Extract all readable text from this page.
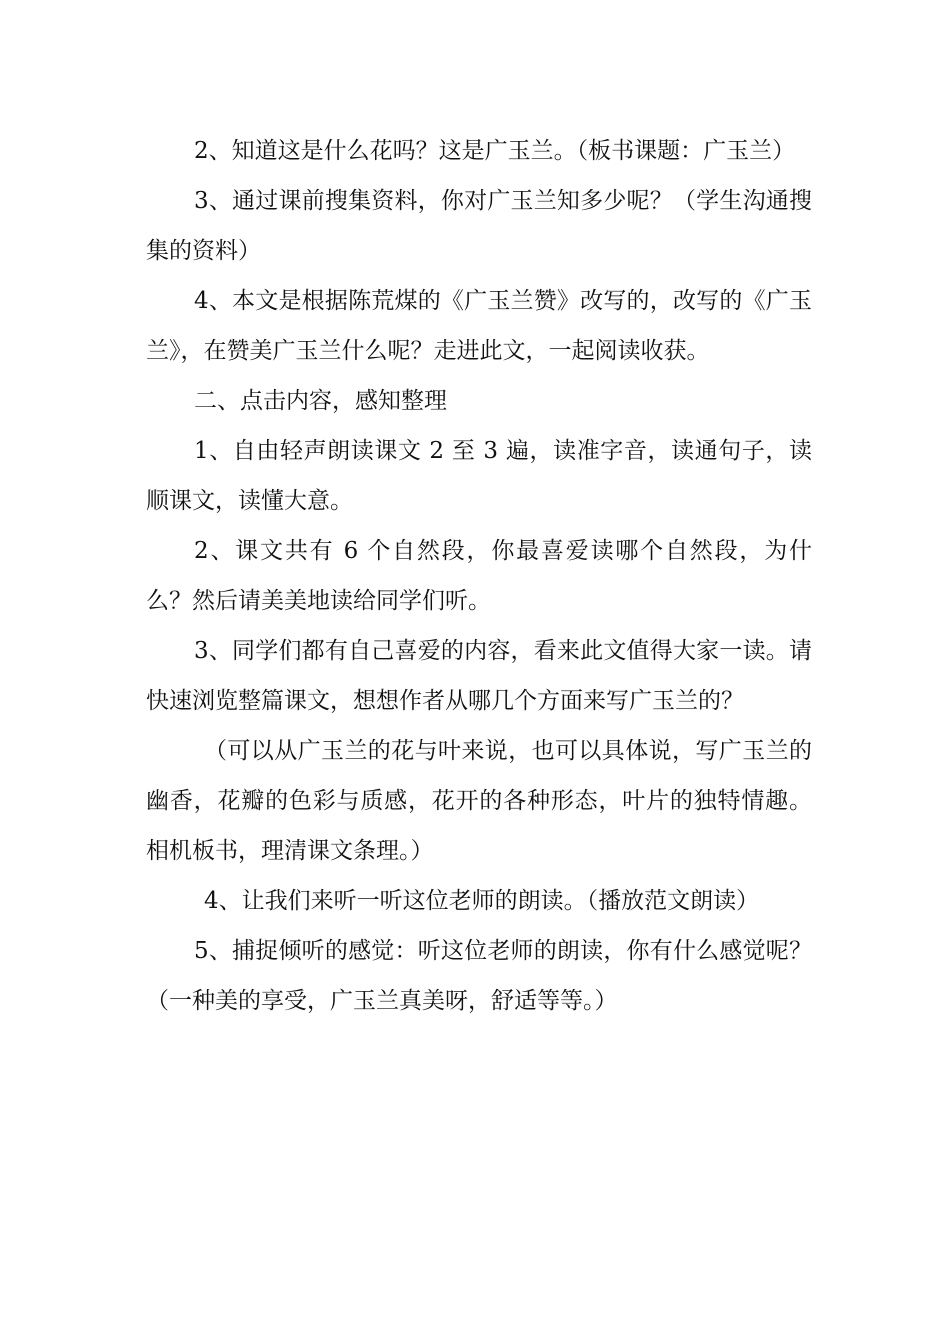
2、知道这是什么花吗？这是广玉兰。（板书课题：广玉兰）

3、通过课前搜集资料，你对广玉兰知多少呢？（学生沟通搜集的资料）

4、本文是根据陈荒煤的《广玉兰赞》改写的，改写的《广玉兰》，在赞美广玉兰什么呢？走进此文，一起阅读收获。

二、点击内容，感知整理

1、自由轻声朗读课文 2 至 3 遍，读准字音，读通句子，读顺课文，读懂大意。

2、课文共有 6 个自然段，你最喜爱读哪个自然段，为什么？然后请美美地读给同学们听。

3、同学们都有自己喜爱的内容，看来此文值得大家一读。请快速浏览整篇课文，想想作者从哪几个方面来写广玉兰的？

（可以从广玉兰的花与叶来说，也可以具体说，写广玉兰的幽香，花瓣的色彩与质感，花开的各种形态，叶片的独特情趣。相机板书，理清课文条理。）

4、让我们来听一听这位老师的朗读。（播放范文朗读）

5、捕捉倾听的感觉：听这位老师的朗读，你有什么感觉呢？（一种美的享受，广玉兰真美呀，舒适等等。）
